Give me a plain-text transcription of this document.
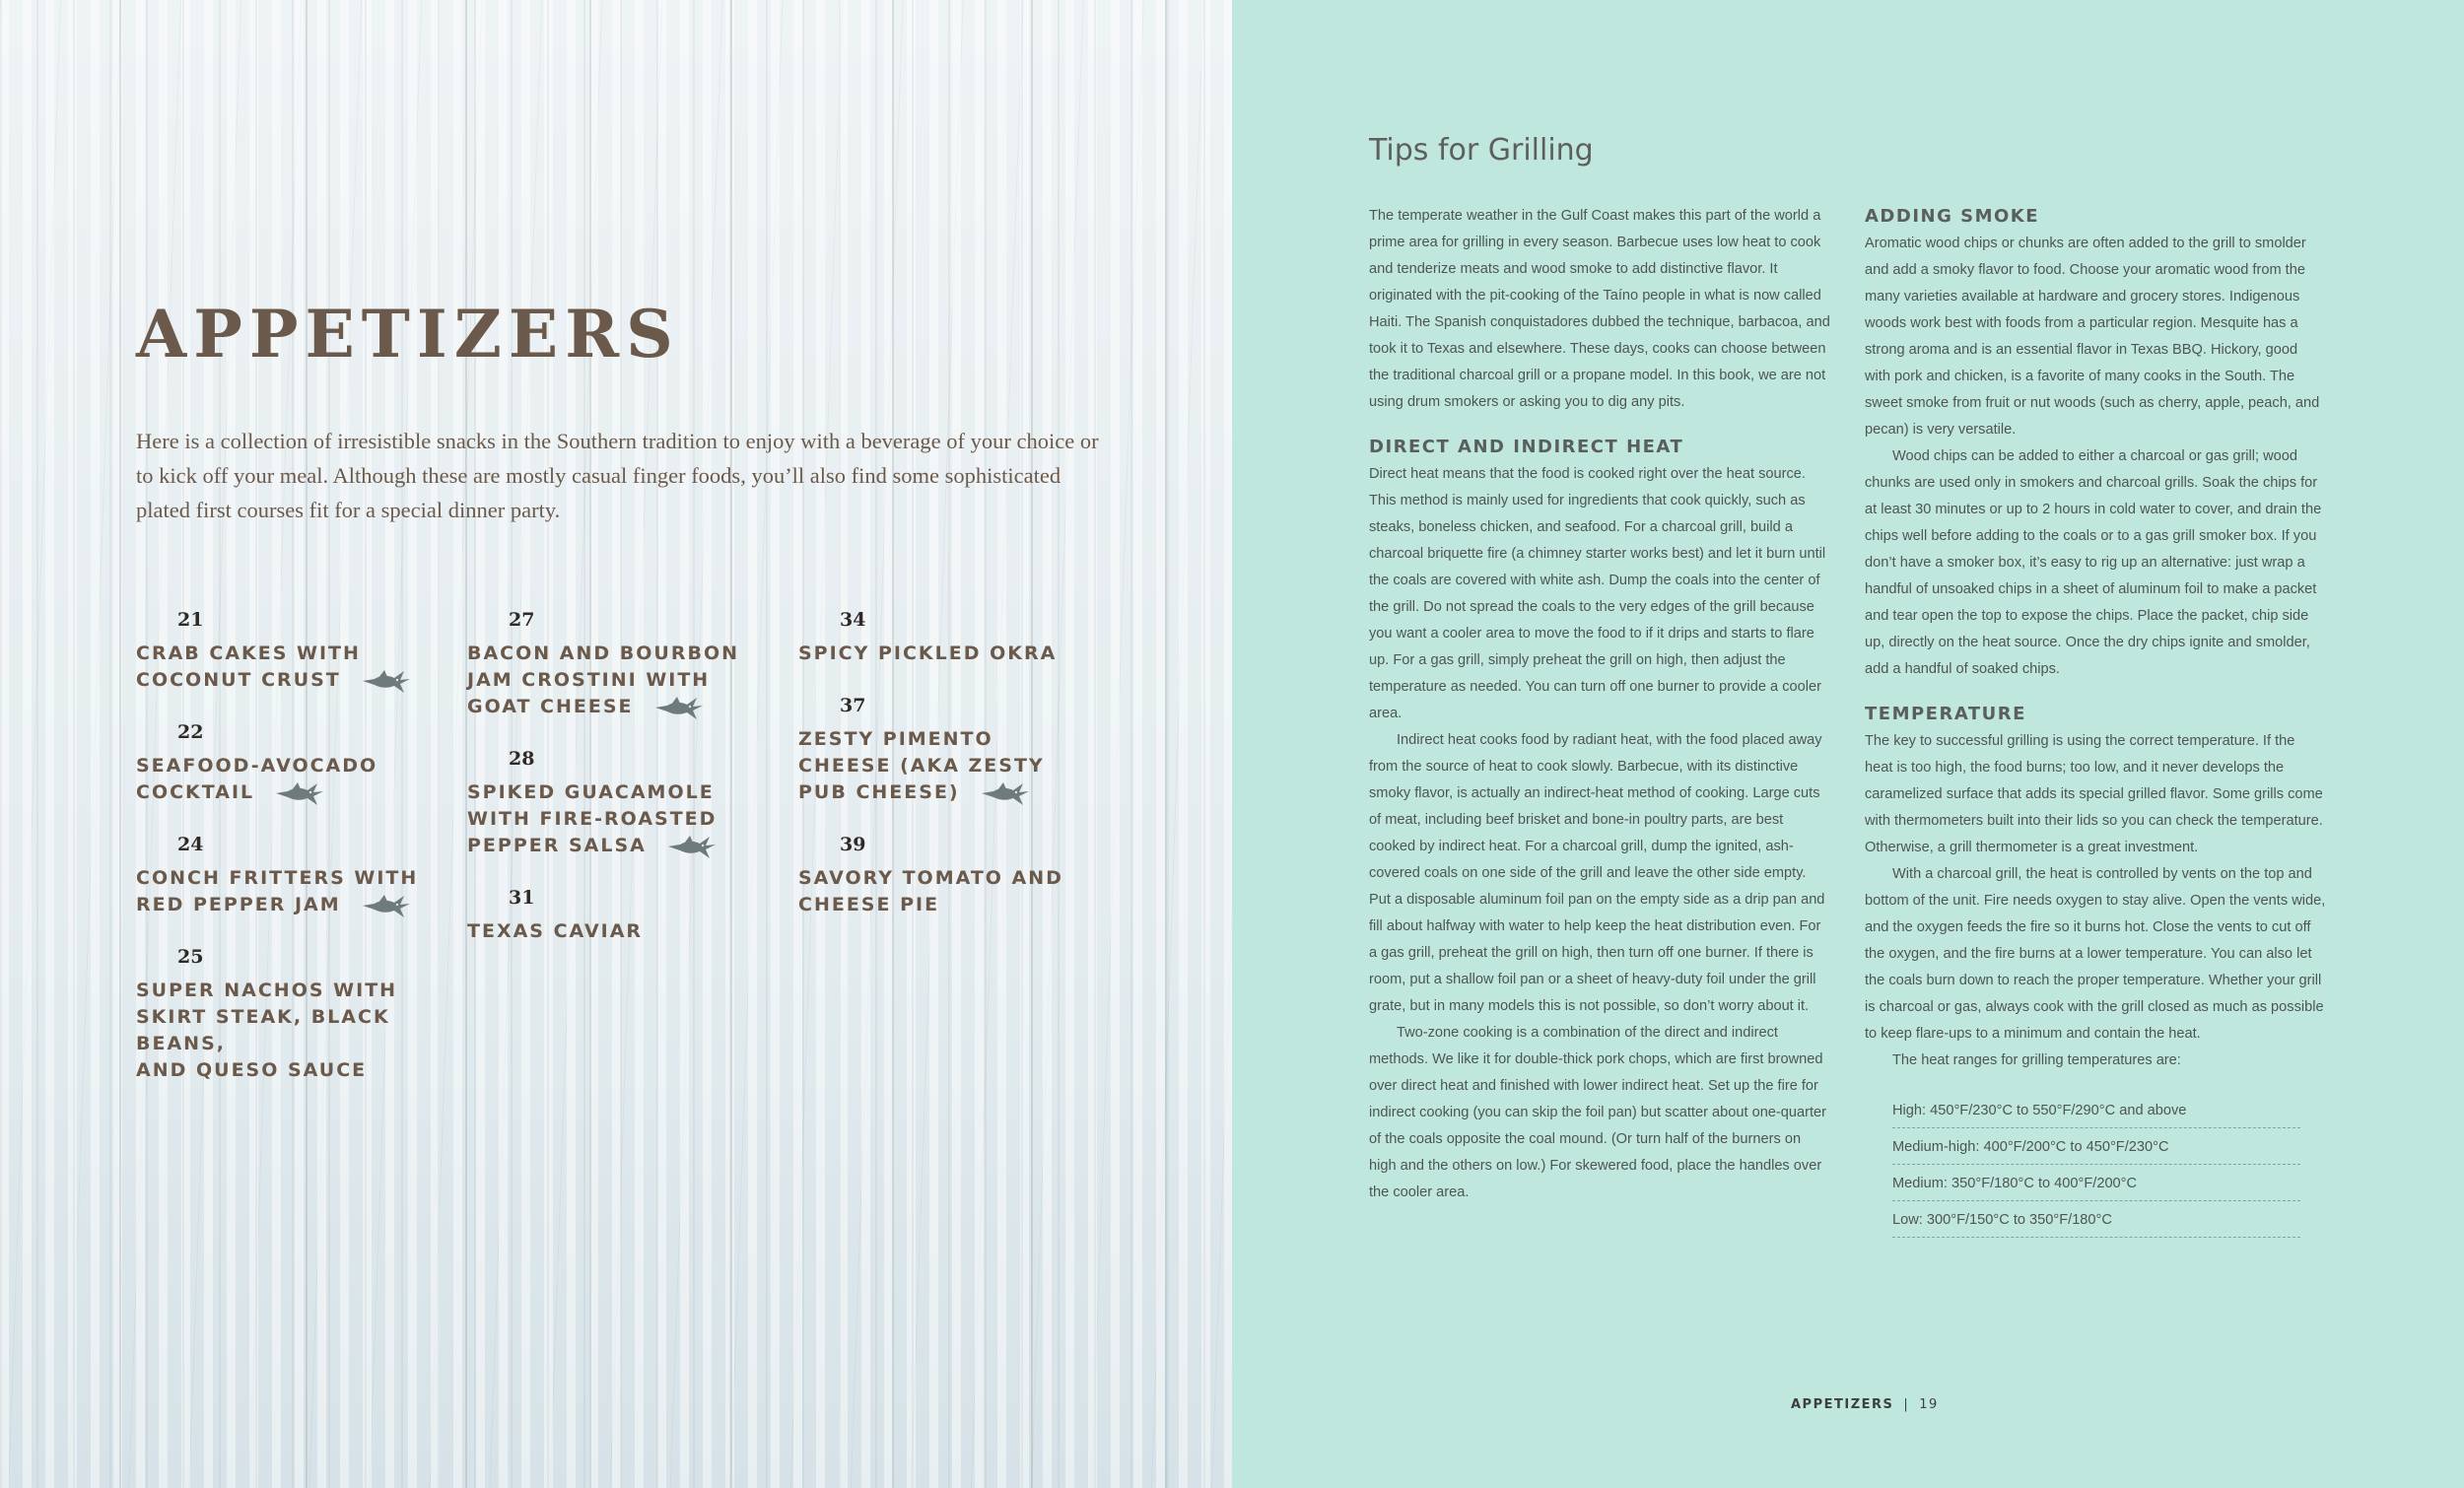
APPETIZERS

Here is a collection of irresistible snacks in the Southern tradition to enjoy with a beverage of your choice or to kick off your meal. Although these are mostly casual finger foods, you’ll also find some sophisticated plated first courses fit for a special dinner party.

21
CRAB CAKES WITH
COCONUT CRUST
22
SEAFOOD-AVOCADO
COCKTAIL
24
CONCH FRITTERS WITH
RED PEPPER JAM
25
SUPER NACHOS WITH
SKIRT STEAK, BLACK BEANS,
AND QUESO SAUCE
27
BACON AND BOURBON
JAM CROSTINI WITH
GOAT CHEESE
28
SPIKED GUACAMOLE
WITH FIRE-ROASTED
PEPPER SALSA
31
TEXAS CAVIAR
34
SPICY PICKLED OKRA
37
ZESTY PIMENTO
CHEESE (AKA ZESTY
PUB CHEESE)
39
SAVORY TOMATO AND
CHEESE PIE
Tips for Grilling

The temperate weather in the Gulf Coast makes this part of the world a prime area for grilling in every season. Barbecue uses low heat to cook and tenderize meats and wood smoke to add distinctive flavor. It originated with the pit-cooking of the Taíno people in what is now called Haiti. The Spanish conquistadores dubbed the technique, barbacoa, and took it to Texas and elsewhere. These days, cooks can choose between the traditional charcoal grill or a propane model. In this book, we are not using drum smokers or asking you to dig any pits.

DIRECT AND INDIRECT HEAT

Direct heat means that the food is cooked right over the heat source. This method is mainly used for ingredients that cook quickly, such as steaks, boneless chicken, and seafood. For a charcoal grill, build a charcoal briquette fire (a chimney starter works best) and let it burn until the coals are covered with white ash. Dump the coals into the center of the grill. Do not spread the coals to the very edges of the grill because you want a cooler area to move the food to if it drips and starts to flare up. For a gas grill, simply preheat the grill on high, then adjust the temperature as needed. You can turn off one burner to provide a cooler area.

Indirect heat cooks food by radiant heat, with the food placed away from the source of heat to cook slowly. Barbecue, with its distinctive smoky flavor, is actually an indirect-heat method of cooking. Large cuts of meat, including beef brisket and bone-in poultry parts, are best cooked by indirect heat. For a charcoal grill, dump the ignited, ash-covered coals on one side of the grill and leave the other side empty. Put a disposable aluminum foil pan on the empty side as a drip pan and fill about halfway with water to help keep the heat distribution even. For a gas grill, preheat the grill on high, then turn off one burner. If there is room, put a shallow foil pan or a sheet of heavy-duty foil under the grill grate, but in many models this is not possible, so don’t worry about it.

Two-zone cooking is a combination of the direct and indirect methods. We like it for double-thick pork chops, which are first browned over direct heat and finished with lower indirect heat. Set up the fire for indirect cooking (you can skip the foil pan) but scatter about one-quarter of the coals opposite the coal mound. (Or turn half of the burners on high and the others on low.) For skewered food, place the handles over the cooler area.

ADDING SMOKE

Aromatic wood chips or chunks are often added to the grill to smolder and add a smoky flavor to food. Choose your aromatic wood from the many varieties available at hardware and grocery stores. Indigenous woods work best with foods from a particular region. Mesquite has a strong aroma and is an essential flavor in Texas BBQ. Hickory, good with pork and chicken, is a favorite of many cooks in the South. The sweet smoke from fruit or nut woods (such as cherry, apple, peach, and pecan) is very versatile.

Wood chips can be added to either a charcoal or gas grill; wood chunks are used only in smokers and charcoal grills. Soak the chips for at least 30 minutes or up to 2 hours in cold water to cover, and drain the chips well before adding to the coals or to a gas grill smoker box. If you don’t have a smoker box, it’s easy to rig up an alternative: just wrap a handful of unsoaked chips in a sheet of aluminum foil to make a packet and tear open the top to expose the chips. Place the packet, chip side up, directly on the heat source. Once the dry chips ignite and smolder, add a handful of soaked chips.

TEMPERATURE

The key to successful grilling is using the correct temperature. If the heat is too high, the food burns; too low, and it never develops the caramelized surface that adds its special grilled flavor. Some grills come with thermometers built into their lids so you can check the temperature. Otherwise, a grill thermometer is a great investment.

With a charcoal grill, the heat is controlled by vents on the top and bottom of the unit. Fire needs oxygen to stay alive. Open the vents wide, and the oxygen feeds the fire so it burns hot. Close the vents to cut off the oxygen, and the fire burns at a lower temperature. You can also let the coals burn down to reach the proper temperature. Whether your grill is charcoal or gas, always cook with the grill closed as much as possible to keep flare-ups to a minimum and contain the heat.

The heat ranges for grilling temperatures are:

High: 450°F/230°C to 550°F/290°C and above
Medium-high: 400°F/200°C to 450°F/230°C
Medium: 350°F/180°C to 400°F/200°C
Low: 300°F/150°C to 350°F/180°C
APPETIZERS | 19
